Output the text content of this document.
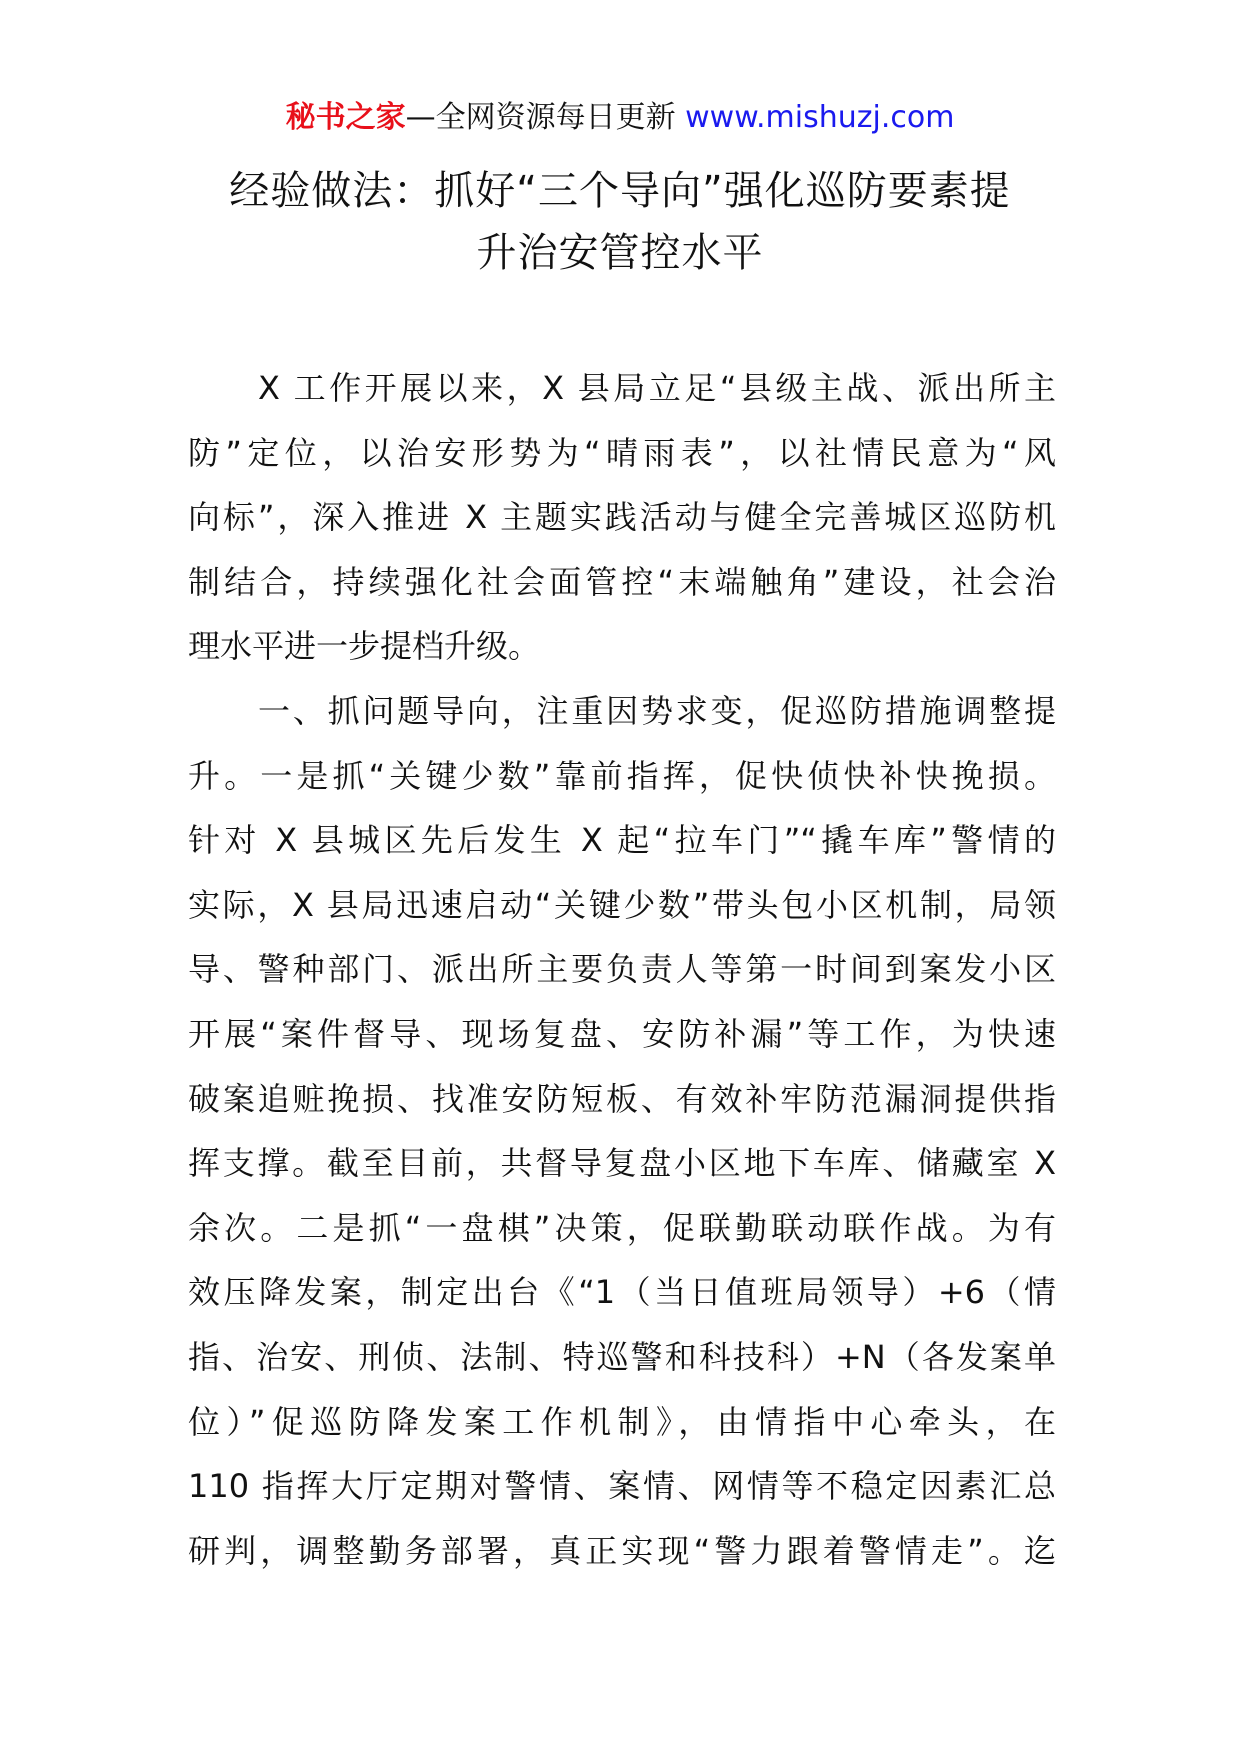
秘书之家—全网资源每日更新 www.mishuzj.com
经验做法：抓好“三个导向”强化巡防要素提
升治安管控水平
X 工作开展以来，X 县局立足“县级主战、派出所主
防”定位，以治安形势为“晴雨表”，以社情民意为“风
向标”，深入推进 X 主题实践活动与健全完善城区巡防机
制结合，持续强化社会面管控“末端触角”建设，社会治
理水平进一步提档升级。
一、抓问题导向，注重因势求变，促巡防措施调整提
升。一是抓“关键少数”靠前指挥，促快侦快补快挽损。
针对 X 县城区先后发生 X 起“拉车门”“撬车库”警情的
实际，X 县局迅速启动“关键少数”带头包小区机制，局领
导、警种部门、派出所主要负责人等第一时间到案发小区
开展“案件督导、现场复盘、安防补漏”等工作，为快速
破案追赃挽损、找准安防短板、有效补牢防范漏洞提供指
挥支撑。截至目前，共督导复盘小区地下车库、储藏室 X
余次。二是抓“一盘棋”决策，促联勤联动联作战。为有
效压降发案，制定出台《“1（当日值班局领导）+6（情
指、治安、刑侦、法制、特巡警和科技科）+N（各发案单
位）”促巡防降发案工作机制》，由情指中心牵头，在
110 指挥大厅定期对警情、案情、网情等不稳定因素汇总
研判，调整勤务部署，真正实现“警力跟着警情走”。迄
